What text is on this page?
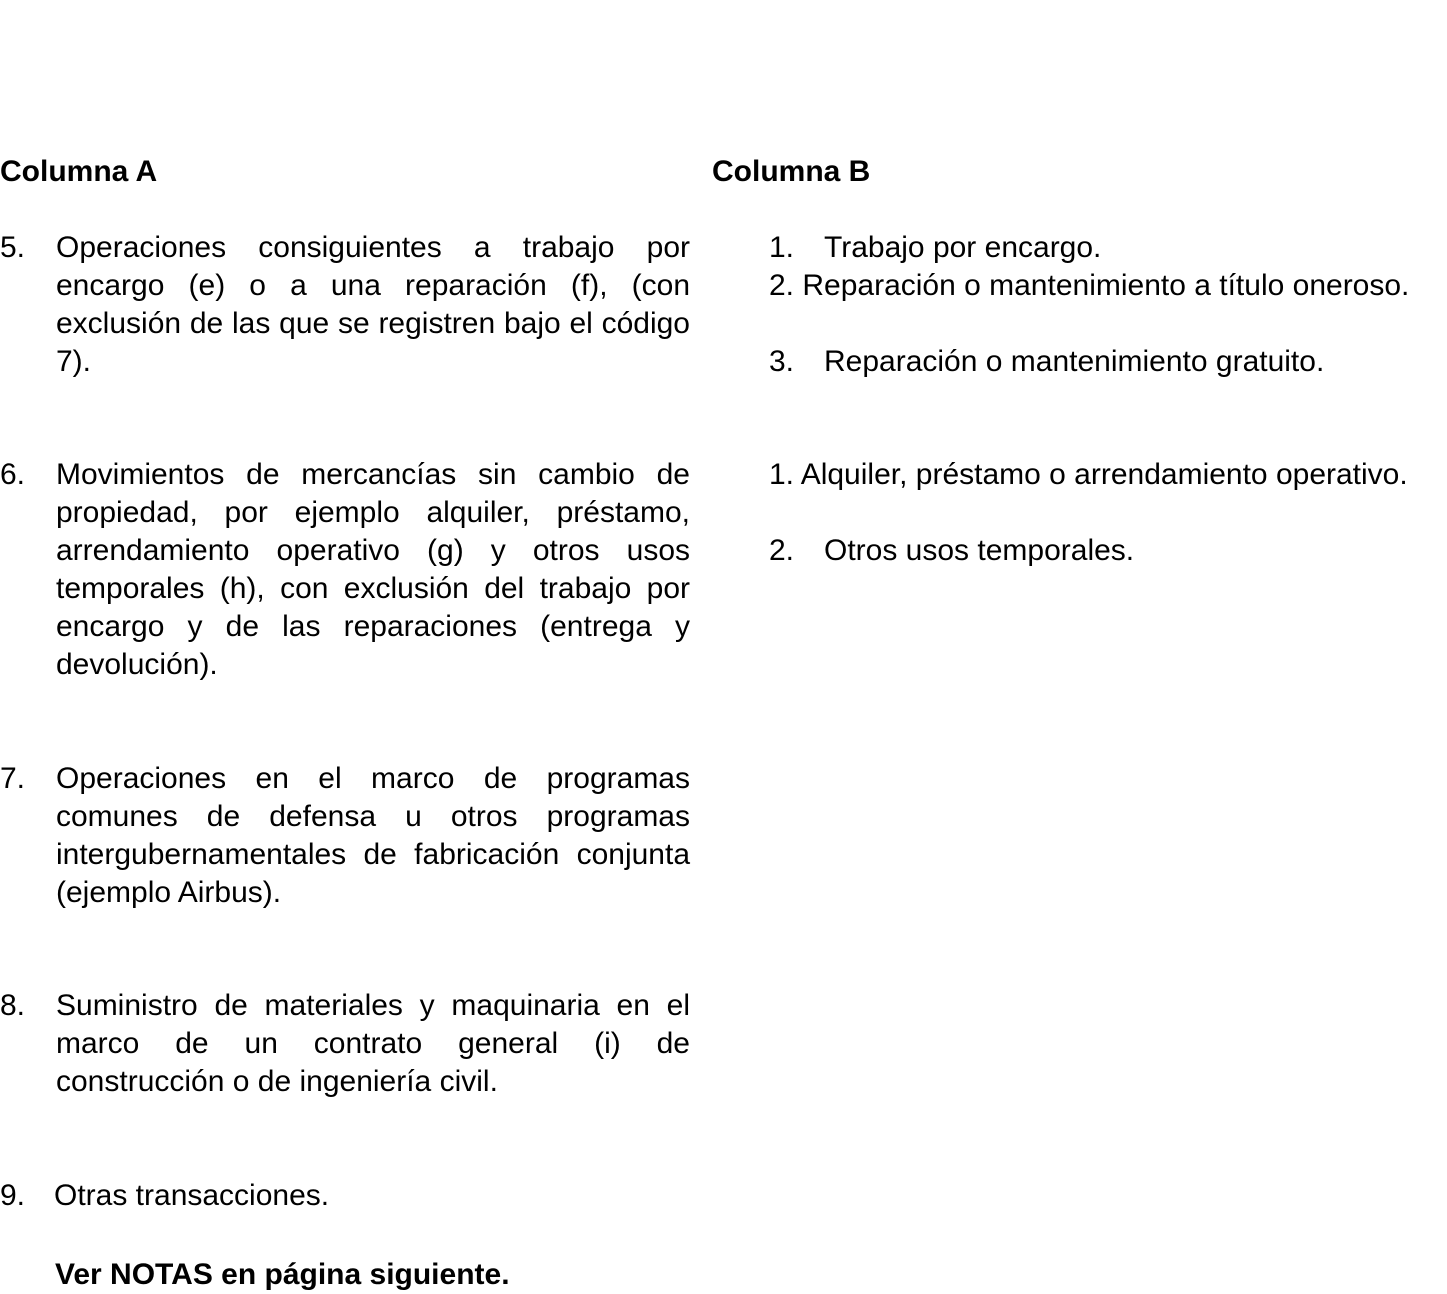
Columna A	Columna B
5. Operaciones consiguientes a trabajo por encargo (e) o a una reparación (f), (con exclusión de las que se registren bajo el código 7).
6. Movimientos de mercancías sin cambio de propiedad, por ejemplo alquiler, préstamo, arrendamiento operativo (g) y otros usos temporales (h), con exclusión del trabajo por encargo y de las reparaciones (entrega y devolución).
7. Operaciones en el marco de programas comunes de defensa u otros programas intergubernamentales de fabricación conjunta (ejemplo Airbus).
8. Suministro de materiales y maquinaria en el marco de un contrato general (i) de construcción o de ingeniería civil.
9. Otras transacciones.
1. Trabajo por encargo.
2. Reparación o mantenimiento a título oneroso.
3. Reparación o mantenimiento gratuito.
1. Alquiler, préstamo o arrendamiento operativo.
2. Otros usos temporales.
Ver NOTAS en página siguiente.
